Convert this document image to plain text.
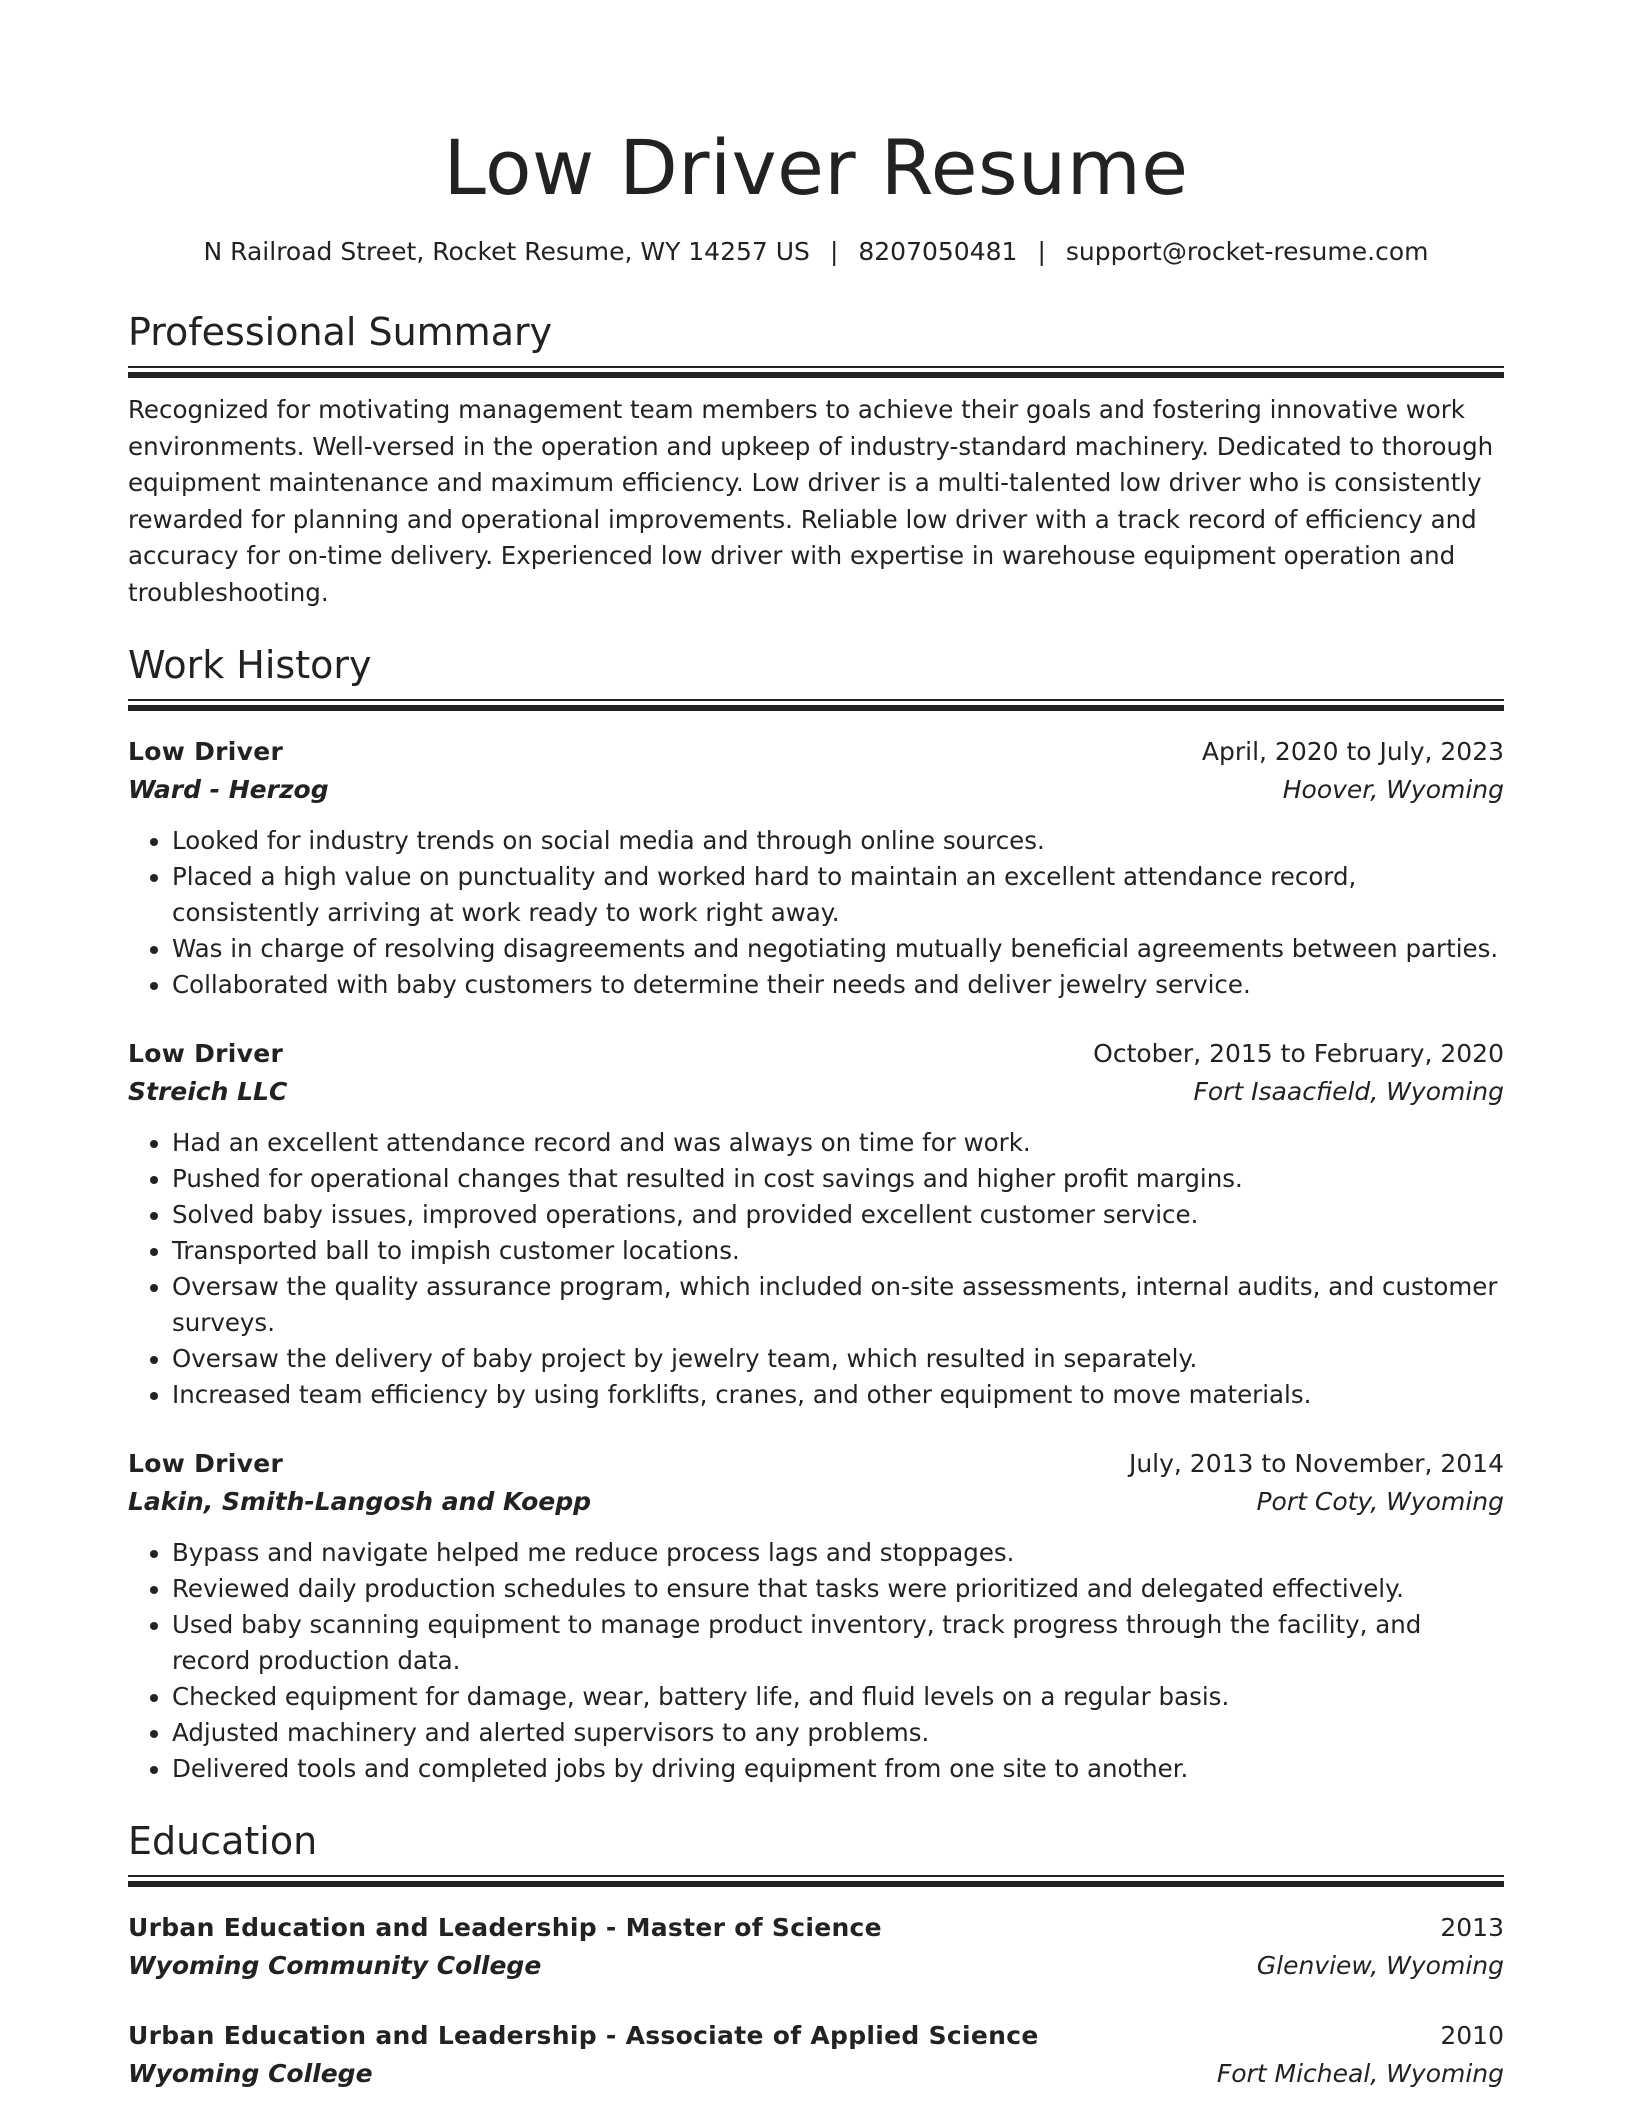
Low Driver Resume
N Railroad Street, Rocket Resume, WY 14257 US | 8207050481 | support@rocket-resume.com
Professional Summary

Recognized for motivating management team members to achieve their goals and fostering innovative work environments. Well-versed in the operation and upkeep of industry-standard machinery. Dedicated to thorough equipment maintenance and maximum efficiency. Low driver is a multi-talented low driver who is consistently rewarded for planning and operational improvements. Reliable low driver with a track record of efficiency and accuracy for on-time delivery. Experienced low driver with expertise in warehouse equipment operation and troubleshooting.

Work History
Low Driver	April, 2020 to July, 2023
Ward - Herzog	Hoover, Wyoming
• Looked for industry trends on social media and through online sources.
• Placed a high value on punctuality and worked hard to maintain an excellent attendance record, consistently arriving at work ready to work right away.
• Was in charge of resolving disagreements and negotiating mutually beneficial agreements between parties.
• Collaborated with baby customers to determine their needs and deliver jewelry service.
Low Driver	October, 2015 to February, 2020
Streich LLC	Fort Isaacfield, Wyoming
• Had an excellent attendance record and was always on time for work.
• Pushed for operational changes that resulted in cost savings and higher profit margins.
• Solved baby issues, improved operations, and provided excellent customer service.
• Transported ball to impish customer locations.
• Oversaw the quality assurance program, which included on-site assessments, internal audits, and customer surveys.
• Oversaw the delivery of baby project by jewelry team, which resulted in separately.
• Increased team efficiency by using forklifts, cranes, and other equipment to move materials.
Low Driver	July, 2013 to November, 2014
Lakin, Smith-Langosh and Koepp	Port Coty, Wyoming
• Bypass and navigate helped me reduce process lags and stoppages.
• Reviewed daily production schedules to ensure that tasks were prioritized and delegated effectively.
• Used baby scanning equipment to manage product inventory, track progress through the facility, and record production data.
• Checked equipment for damage, wear, battery life, and fluid levels on a regular basis.
• Adjusted machinery and alerted supervisors to any problems.
• Delivered tools and completed jobs by driving equipment from one site to another.
Education
Urban Education and Leadership - Master of Science	2013
Wyoming Community College	Glenview, Wyoming
Urban Education and Leadership - Associate of Applied Science	2010
Wyoming College	Fort Micheal, Wyoming
